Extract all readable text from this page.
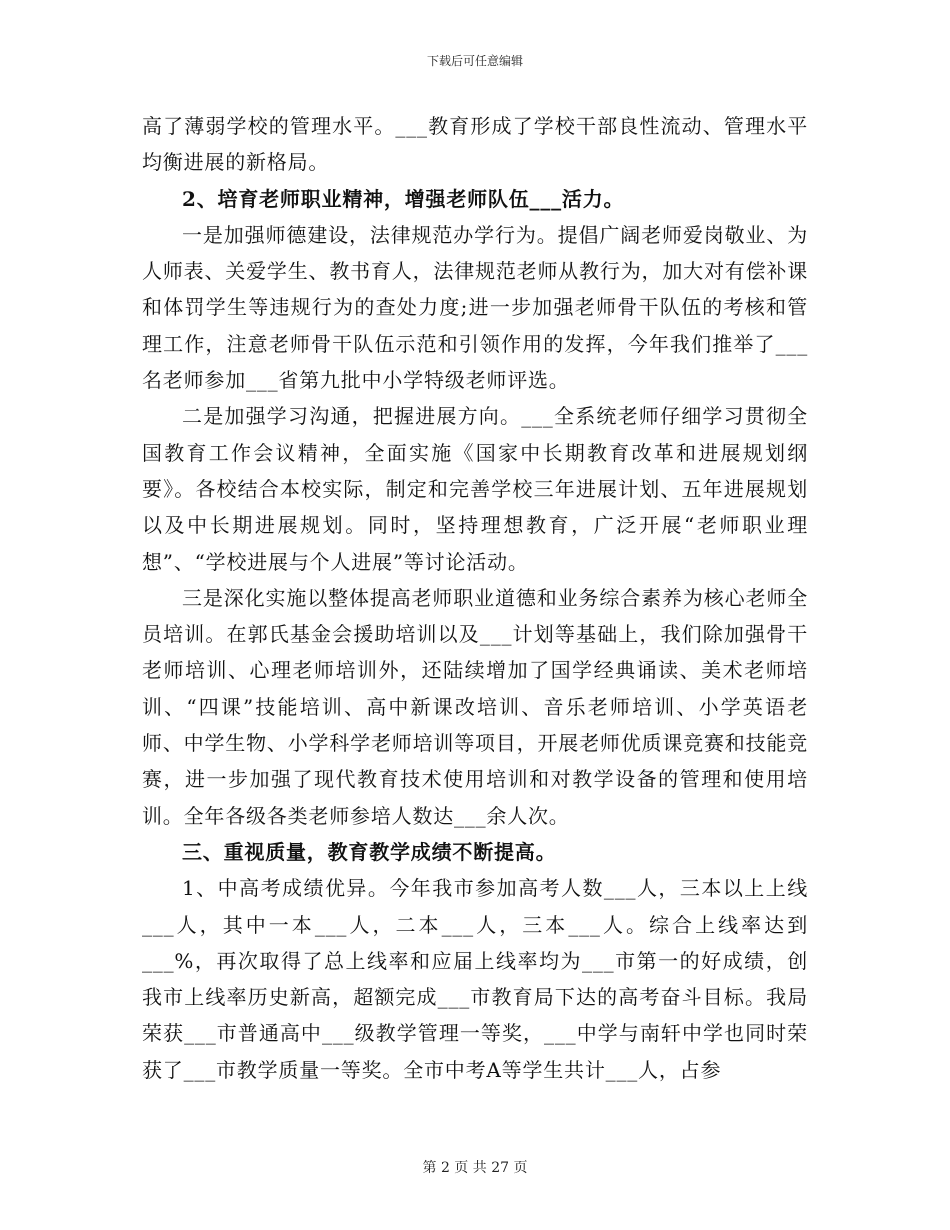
下载后可任意编辑

高了薄弱学校的管理水平。___教育形成了学校干部良性流动、管理水平均衡进展的新格局。

2、培育老师职业精神，增强老师队伍___活力。

一是加强师德建设，法律规范办学行为。提倡广阔老师爱岗敬业、为人师表、关爱学生、教书育人，法律规范老师从教行为，加大对有偿补课和体罚学生等违规行为的查处力度;进一步加强老师骨干队伍的考核和管理工作，注意老师骨干队伍示范和引领作用的发挥，今年我们推举了___名老师参加___省第九批中小学特级老师评选。

二是加强学习沟通，把握进展方向。___全系统老师仔细学习贯彻全国教育工作会议精神，全面实施《国家中长期教育改革和进展规划纲要》。各校结合本校实际，制定和完善学校三年进展计划、五年进展规划以及中长期进展规划。同时，坚持理想教育，广泛开展“老师职业理想”、“学校进展与个人进展”等讨论活动。

三是深化实施以整体提高老师职业道德和业务综合素养为核心老师全员培训。在郭氏基金会援助培训以及___计划等基础上，我们除加强骨干老师培训、心理老师培训外，还陆续增加了国学经典诵读、美术老师培训、“四课”技能培训、高中新课改培训、音乐老师培训、小学英语老师、中学生物、小学科学老师培训等项目，开展老师优质课竞赛和技能竞赛，进一步加强了现代教育技术使用培训和对教学设备的管理和使用培训。全年各级各类老师参培人数达___余人次。

三、重视质量，教育教学成绩不断提高。

1、中高考成绩优异。今年我市参加高考人数___人，三本以上上线___人，其中一本___人，二本___人，三本___人。综合上线率达到___%，再次取得了总上线率和应届上线率均为___市第一的好成绩，创我市上线率历史新高，超额完成___市教育局下达的高考奋斗目标。我局荣获___市普通高中___级教学管理一等奖，___中学与南轩中学也同时荣获了___市教学质量一等奖。全市中考A等学生共计___人，占参

第 2 页 共 27 页
